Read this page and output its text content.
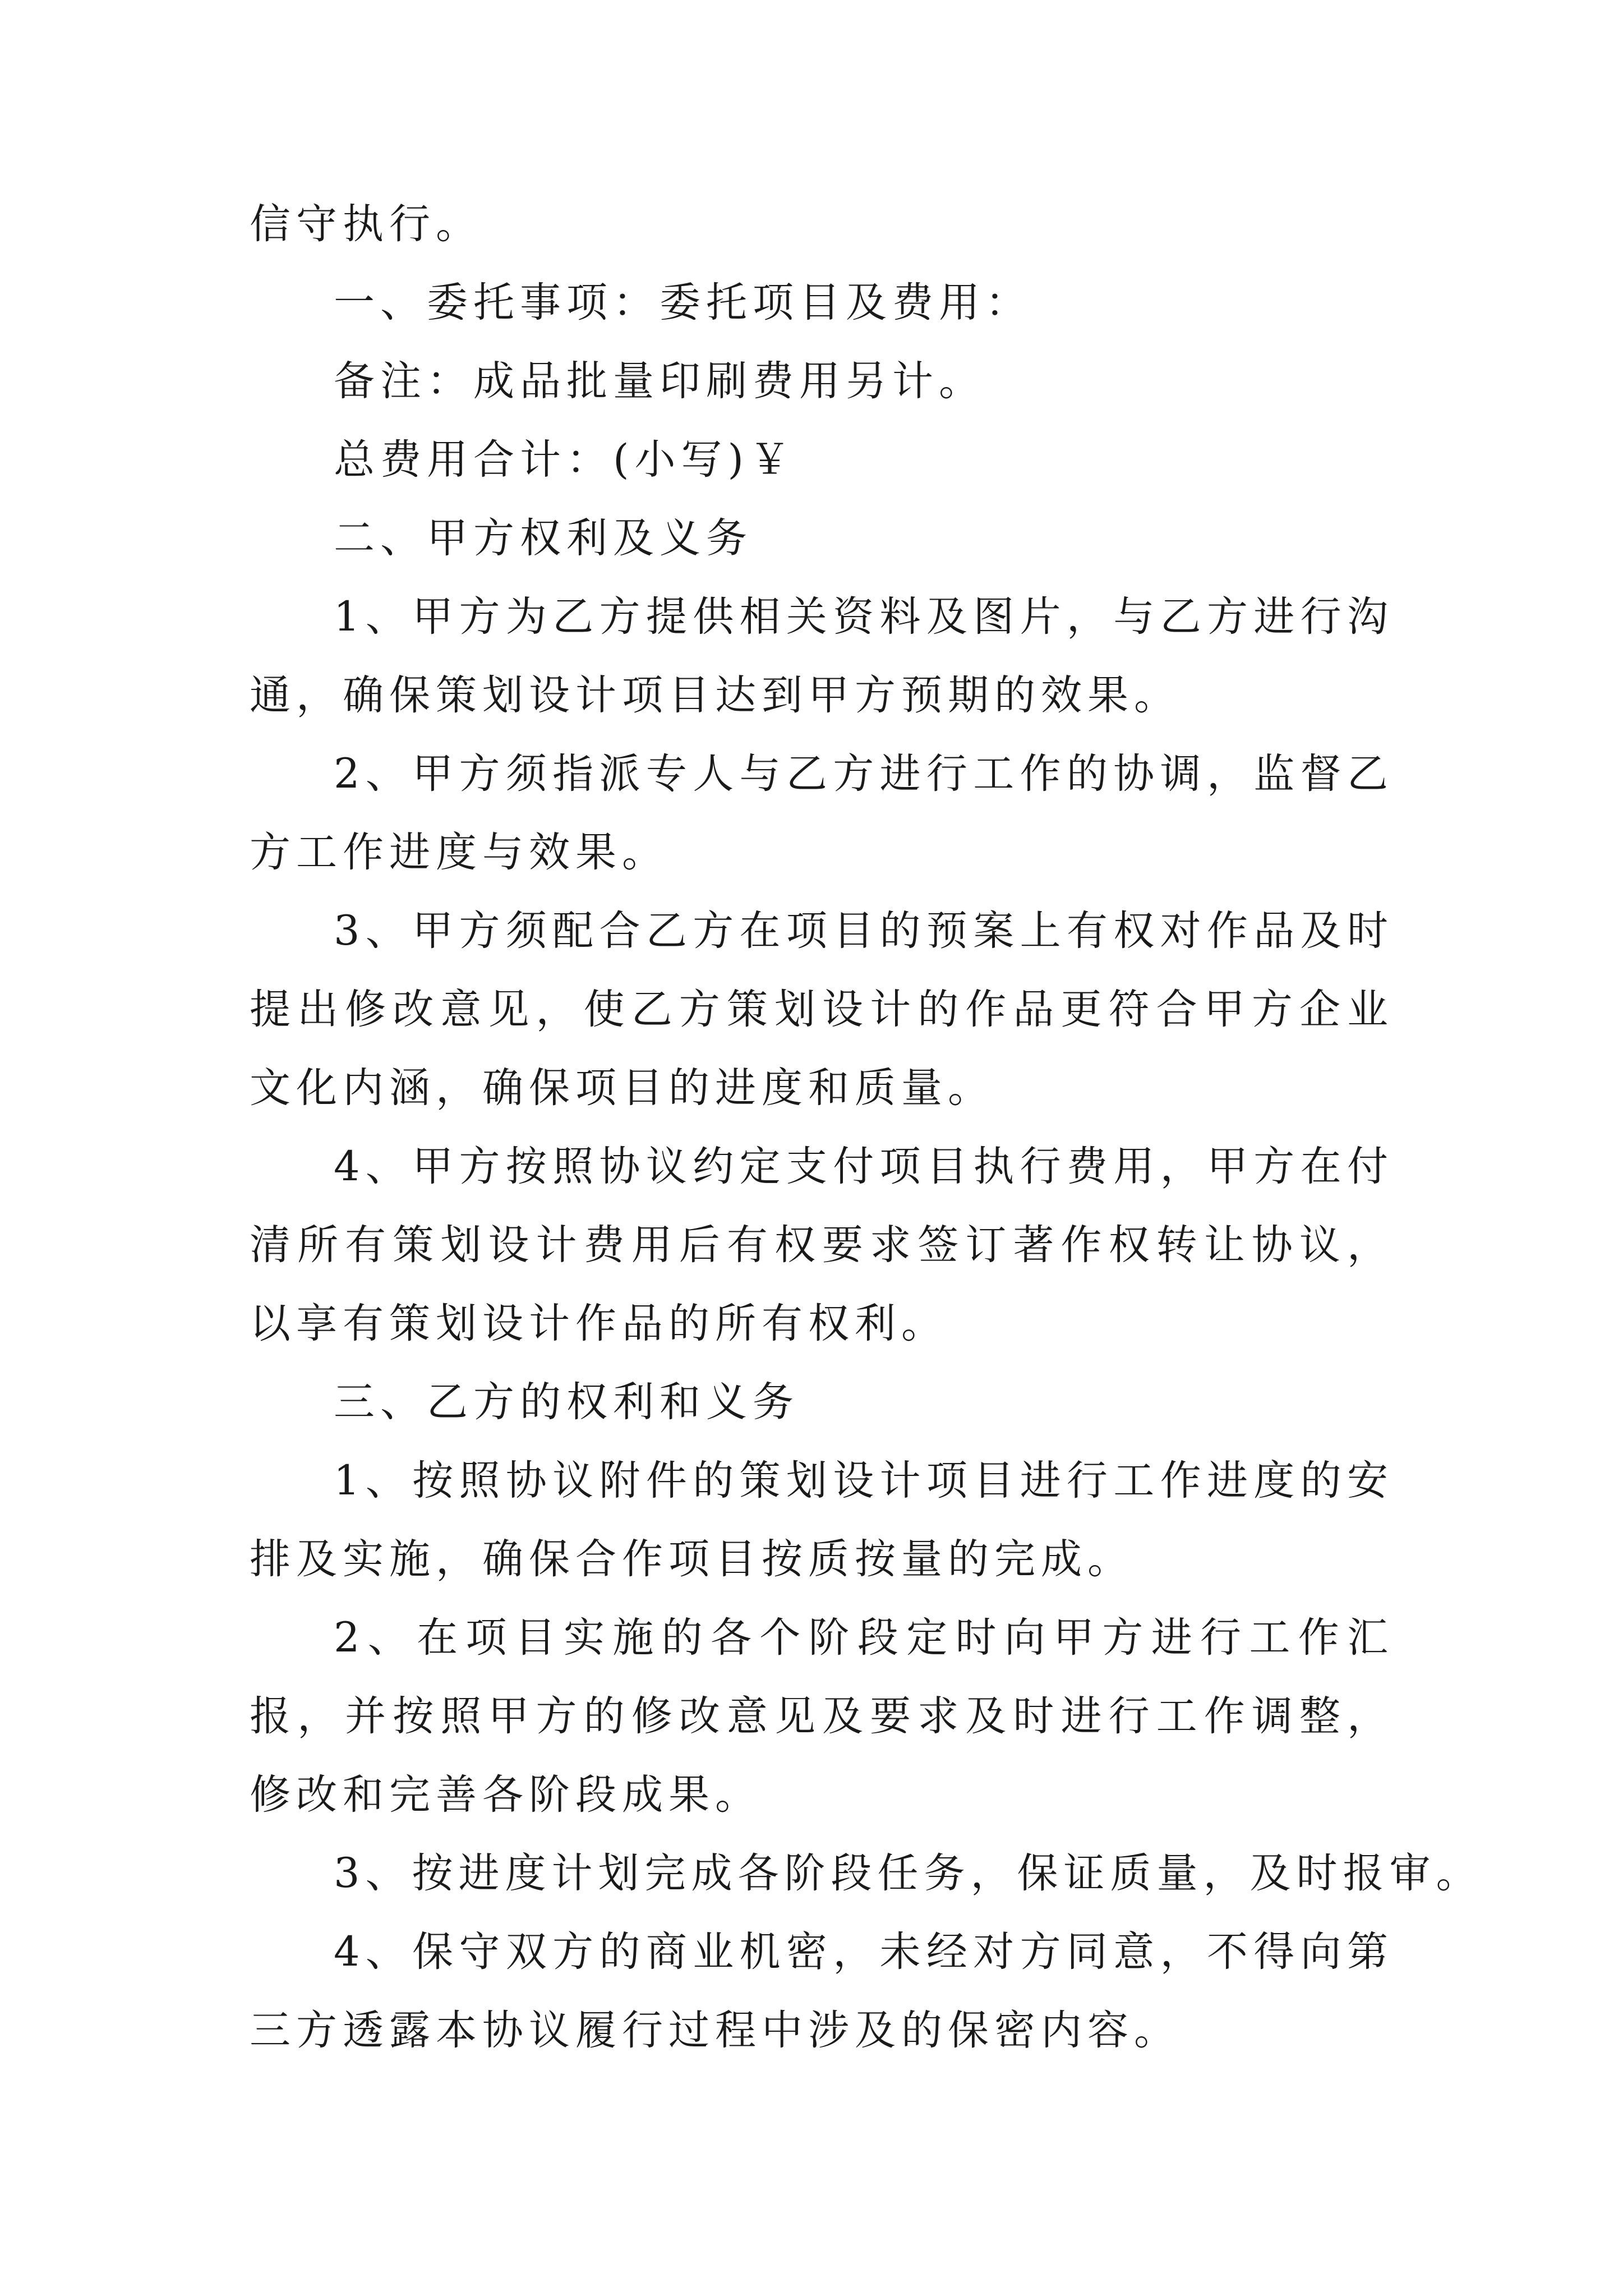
信守执行。

一、委托事项：委托项目及费用：

备注：成品批量印刷费用另计。

总费用合计：(小写)￥

二、甲方权利及义务

1、甲方为乙方提供相关资料及图片，与乙方进行沟通，确保策划设计项目达到甲方预期的效果。

2、甲方须指派专人与乙方进行工作的协调，监督乙方工作进度与效果。

3、甲方须配合乙方在项目的预案上有权对作品及时提出修改意见，使乙方策划设计的作品更符合甲方企业文化内涵，确保项目的进度和质量。

4、甲方按照协议约定支付项目执行费用，甲方在付清所有策划设计费用后有权要求签订著作权转让协议，以享有策划设计作品的所有权利。

三、乙方的权利和义务

1、按照协议附件的策划设计项目进行工作进度的安排及实施，确保合作项目按质按量的完成。

2、在项目实施的各个阶段定时向甲方进行工作汇报，并按照甲方的修改意见及要求及时进行工作调整，修改和完善各阶段成果。

3、按进度计划完成各阶段任务，保证质量，及时报审。

4、保守双方的商业机密，未经对方同意，不得向第三方透露本协议履行过程中涉及的保密内容。
